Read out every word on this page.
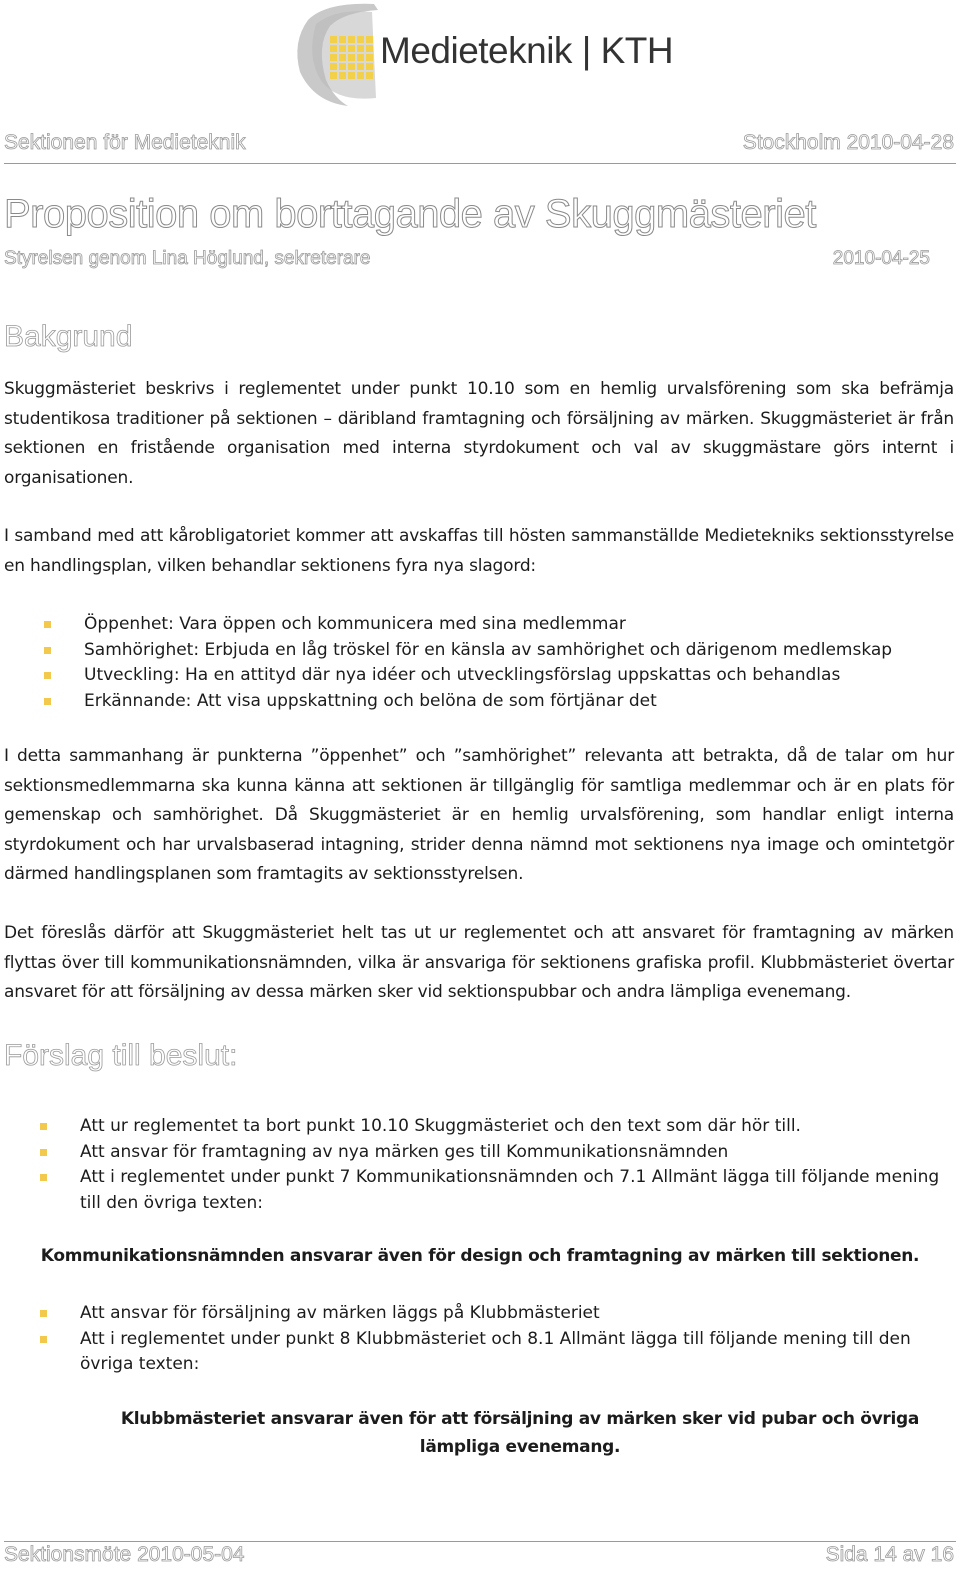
Medieteknik | KTH
Sektionen för Medieteknik	Stockholm 2010-04-28
Proposition om borttagande av Skuggmästeriet
Styrelsen genom Lina Höglund, sekreterare	2010-04-25
Bakgrund
Skuggmästeriet beskrivs i reglementet under punkt 10.10 som en hemlig urvalsförening som ska befrämja studentikosa traditioner på sektionen – däribland framtagning och försäljning av märken. Skuggmästeriet är från sektionen en fristående organisation med interna styrdokument och val av skuggmästare görs internt i organisationen.
I samband med att kårobligatoriet kommer att avskaffas till hösten sammanställde Medietekniks sektionsstyrelse en handlingsplan, vilken behandlar sektionens fyra nya slagord:
Öppenhet: Vara öppen och kommunicera med sina medlemmar
Samhörighet: Erbjuda en låg tröskel för en känsla av samhörighet och därigenom medlemskap
Utveckling: Ha en attityd där nya idéer och utvecklingsförslag uppskattas och behandlas
Erkännande: Att visa uppskattning och belöna de som förtjänar det
I detta sammanhang är punkterna ”öppenhet” och ”samhörighet” relevanta att betrakta, då de talar om hur sektionsmedlemmarna ska kunna känna att sektionen är tillgänglig för samtliga medlemmar och är en plats för gemenskap och samhörighet. Då Skuggmästeriet är en hemlig urvalsförening, som handlar enligt interna styrdokument och har urvalsbaserad intagning, strider denna nämnd mot sektionens nya image och omintetgör därmed handlingsplanen som framtagits av sektionsstyrelsen.
Det föreslås därför att Skuggmästeriet helt tas ut ur reglementet och att ansvaret för framtagning av märken flyttas över till kommunikationsnämnden, vilka är ansvariga för sektionens grafiska profil. Klubbmästeriet övertar ansvaret för att försäljning av dessa märken sker vid sektionspubbar och andra lämpliga evenemang.
Förslag till beslut:
Att ur reglementet ta bort punkt 10.10 Skuggmästeriet och den text som där hör till.
Att ansvar för framtagning av nya märken ges till Kommunikationsnämnden
Att i reglementet under punkt 7 Kommunikationsnämnden och 7.1 Allmänt lägga till följande mening till den övriga texten:
Kommunikationsnämnden ansvarar även för design och framtagning av märken till sektionen.
Att ansvar för försäljning av märken läggs på Klubbmästeriet
Att i reglementet under punkt 8 Klubbmästeriet och 8.1 Allmänt lägga till följande mening till den övriga texten:
Klubbmästeriet ansvarar även för att försäljning av märken sker vid pubar och övriga lämpliga evenemang.
Sektionsmöte 2010-05-04	Sida 14 av 16
